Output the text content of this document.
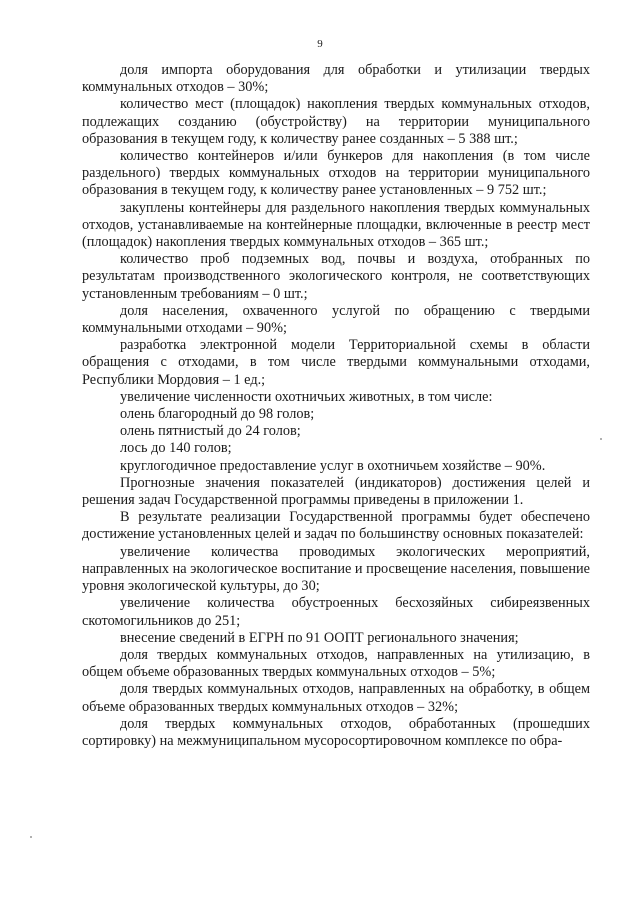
9

доля импорта оборудования для обработки и утилизации твердых коммунальных отходов – 30%;

количество мест (площадок) накопления твердых коммунальных отходов, подлежащих созданию (обустройству) на территории муниципального образования в текущем году, к количеству ранее созданных – 5 388 шт.;

количество контейнеров и/или бункеров для накопления (в том числе раздельного) твердых коммунальных отходов на территории муниципального образования в текущем году, к количеству ранее установленных – 9 752 шт.;

закуплены контейнеры для раздельного накопления твердых коммунальных отходов, устанавливаемые на контейнерные площадки, включенные в реестр мест (площадок) накопления твердых коммунальных отходов – 365 шт.;

количество проб подземных вод, почвы и воздуха, отобранных по результатам производственного экологического контроля, не соответствующих установленным требованиям – 0 шт.;

доля населения, охваченного услугой по обращению с твердыми коммунальными отходами – 90%;

разработка электронной модели Территориальной схемы в области обращения с отходами, в том числе твердыми коммунальными отходами, Республики Мордовия – 1 ед.;

увеличение численности охотничьих животных, в том числе:

олень благородный до 98 голов;

олень пятнистый до 24 голов;

лось до 140 голов;

круглогодичное предоставление услуг в охотничьем хозяйстве – 90%.

Прогнозные значения показателей (индикаторов) достижения целей и решения задач Государственной программы приведены в приложении 1.

В результате реализации Государственной программы будет обеспечено достижение установленных целей и задач по большинству основных показателей:

увеличение количества проводимых экологических мероприятий, направленных на экологическое воспитание и просвещение населения, повышение уровня экологической культуры, до 30;

увеличение количества обустроенных бесхозяйных сибиреязвенных скотомогильников до 251;

внесение сведений в ЕГРН по 91 ООПТ регионального значения;

доля твердых коммунальных отходов, направленных на утилизацию, в общем объеме образованных твердых коммунальных отходов – 5%;

доля твердых коммунальных отходов, направленных на обработку, в общем объеме образованных твердых коммунальных отходов – 32%;

доля твердых коммунальных отходов, обработанных (прошедших сортировку) на межмуниципальном мусоросортировочном комплексе по обра-
